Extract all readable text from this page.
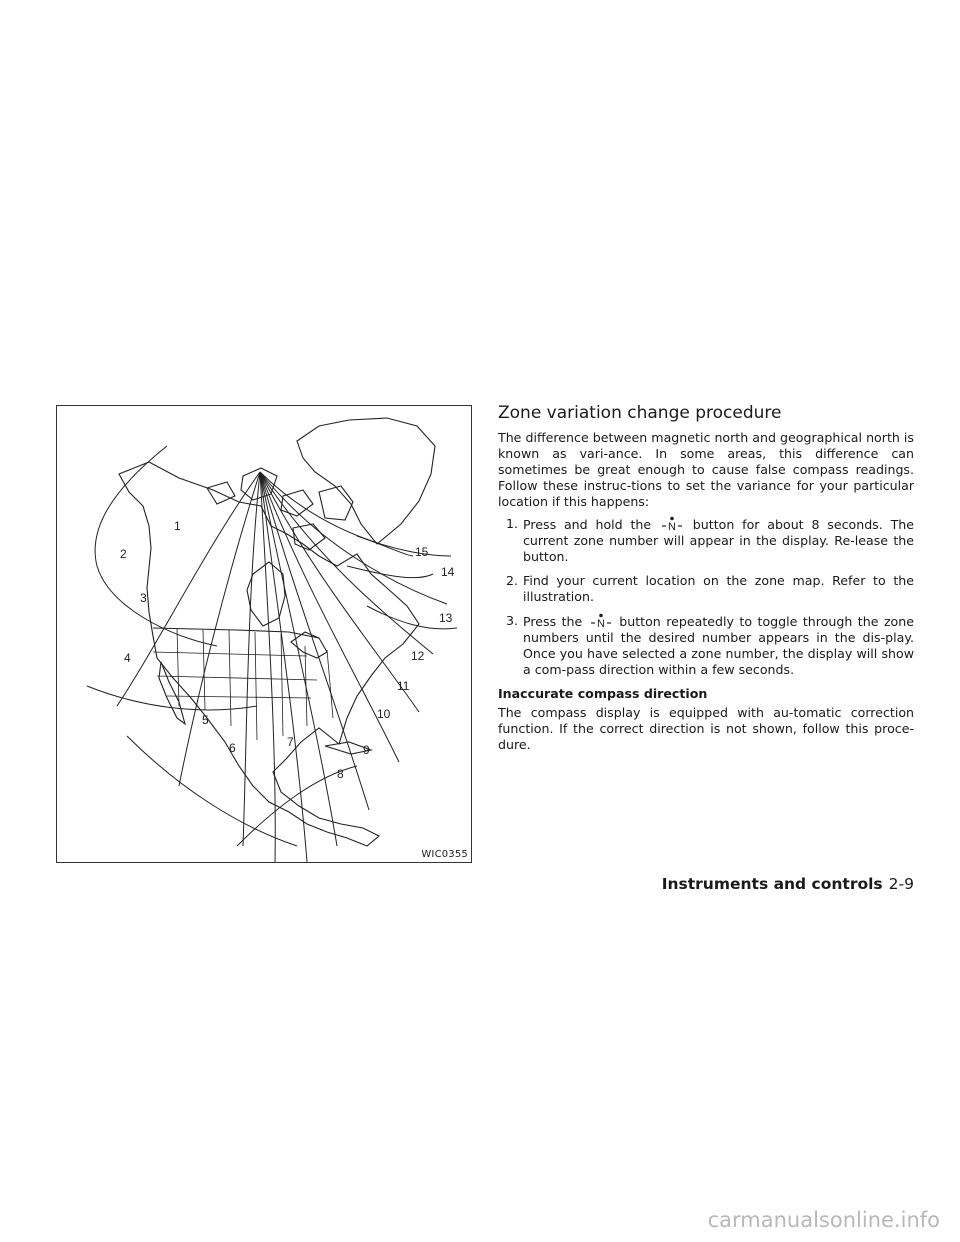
1
2
3
4
5
6	7
8
9
10
11
12
13
14
15
WIC0355
Zone variation change procedure

The difference between magnetic north and geographical north is known as vari-ance. In some areas, this difference can sometimes be great enough to cause false compass readings. Follow these instruc-tions to set the variance for your particular location if this happens:

1. Press and hold the N button for about 8 seconds. The current zone number will appear in the display. Re-lease the button.
2. Find your current location on the zone map. Refer to the illustration.
3. Press the N button repeatedly to toggle through the zone numbers until the desired number appears in the dis-play. Once you have selected a zone number, the display will show a com-pass direction within a few seconds.
Inaccurate compass direction

The compass display is equipped with au-tomatic correction function. If the correct direction is not shown, follow this proce-dure.

Instruments and controls 2-9
carmanualsonline.info
